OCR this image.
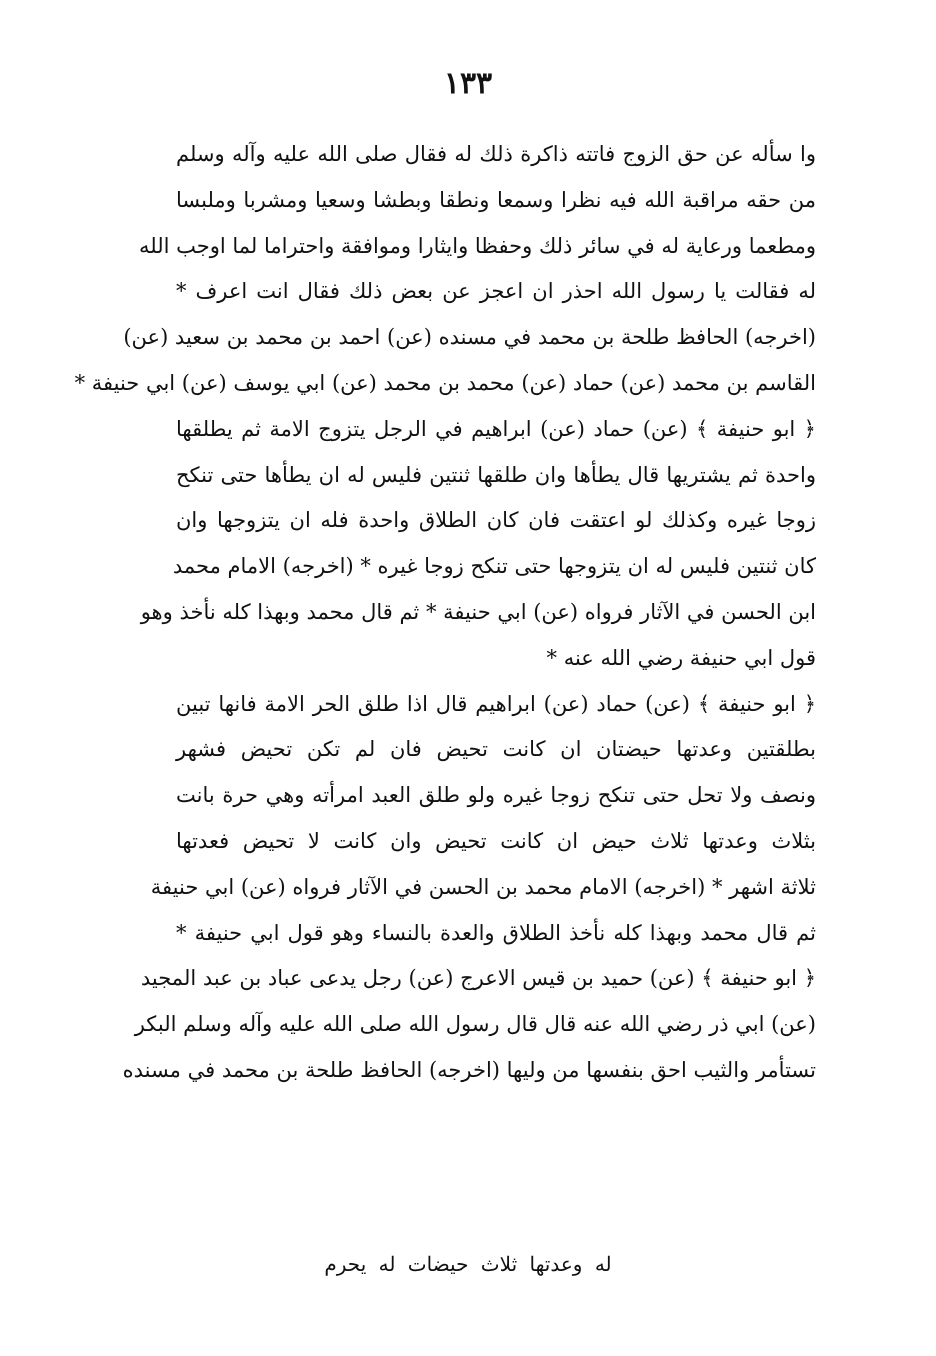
١٣٣
وا سأله عن حق الزوج فاتته ذاكرة ذلك له فقال صلى الله عليه وآله وسلم
من حقه مراقبة الله فيه نظرا وسمعا ونطقا وبطشا وسعيا ومشربا وملبسا
ومطعما ورعاية له في سائر ذلك وحفظا وايثارا وموافقة واحتراما لما اوجب الله
له فقالت يا رسول الله احذر ان اعجز عن بعض ذلك فقال انت اعرف *
(اخرجه) الحافظ طلحة بن محمد في مسنده (عن) احمد بن محمد بن سعيد (عن)
القاسم بن محمد (عن) حماد (عن) محمد بن محمد (عن) ابي يوسف (عن) ابي حنيفة *
﴿ ابو حنيفة ﴾ (عن) حماد (عن) ابراهيم في الرجل يتزوج الامة ثم يطلقها
واحدة ثم يشتريها قال يطأها وان طلقها ثنتين فليس له ان يطأها حتى تنكح
زوجا غيره وكذلك لو اعتقت فان كان الطلاق واحدة فله ان يتزوجها وان
كان ثنتين فليس له ان يتزوجها حتى تنكح زوجا غيره * (اخرجه) الامام محمد
ابن الحسن في الآثار فرواه (عن) ابي حنيفة * ثم قال محمد وبهذا كله نأخذ وهو
قول ابي حنيفة رضي الله عنه *
﴿ ابو حنيفة ﴾ (عن) حماد (عن) ابراهيم قال اذا طلق الحر الامة فانها تبين
بطلقتين وعدتها حيضتان ان كانت تحيض فان لم تكن تحيض فشهر
ونصف ولا تحل حتى تنكح زوجا غيره ولو طلق العبد امرأته وهي حرة بانت
بثلاث وعدتها ثلاث حيض ان كانت تحيض وان كانت لا تحيض فعدتها
ثلاثة اشهر * (اخرجه) الامام محمد بن الحسن في الآثار فرواه (عن) ابي حنيفة
ثم قال محمد وبهذا كله نأخذ الطلاق والعدة بالنساء وهو قول ابي حنيفة *
﴿ ابو حنيفة ﴾ (عن) حميد بن قيس الاعرج (عن) رجل يدعى عباد بن عبد المجيد
(عن) ابي ذر رضي الله عنه قال قال رسول الله صلى الله عليه وآله وسلم البكر
تستأمر والثيب احق بنفسها من وليها (اخرجه) الحافظ طلحة بن محمد في مسنده
له وعدتها ثلاث حيضات له يحرم
